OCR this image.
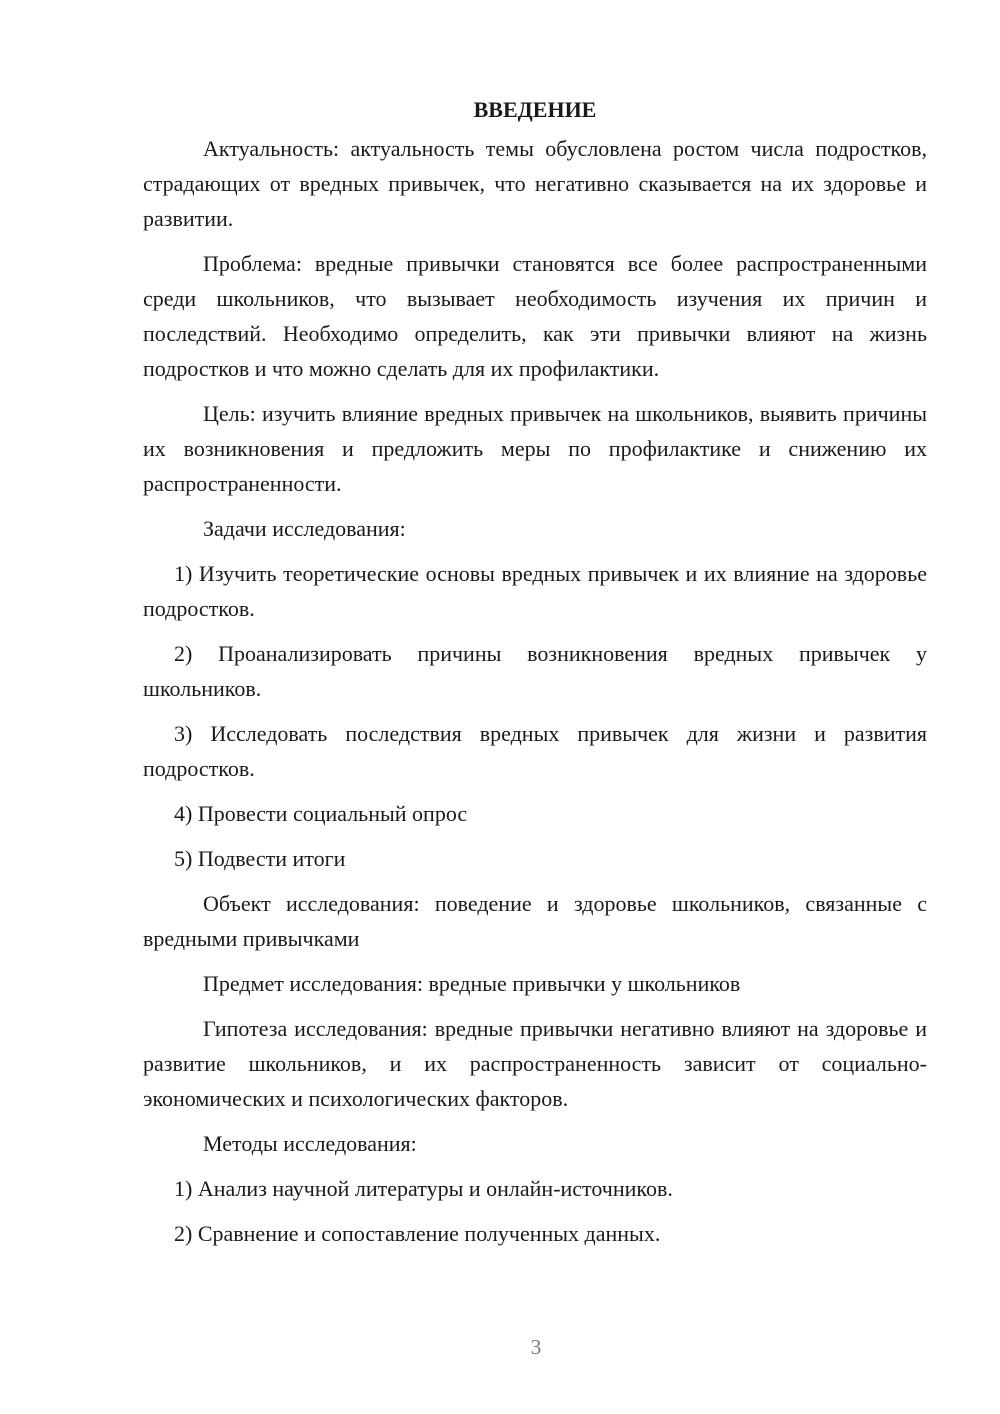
ВВЕДЕНИЕ

Актуальность: актуальность темы обусловлена ростом числа подростков, страдающих от вредных привычек, что негативно сказывается на их здоровье и развитии.

Проблема: вредные привычки становятся все более распространенными среди школьников, что вызывает необходимость изучения их причин и последствий. Необходимо определить, как эти привычки влияют на жизнь подростков и что можно сделать для их профилактики.

Цель: изучить влияние вредных привычек на школьников, выявить причины их возникновения и предложить меры по профилактике и снижению их распространенности.

Задачи исследования:

1) Изучить теоретические основы вредных привычек и их влияние на здоровье подростков.

2) Проанализировать причины возникновения вредных привычек у школьников.

3) Исследовать последствия вредных привычек для жизни и развития подростков.

4) Провести социальный опрос

5) Подвести итоги

Объект исследования: поведение и здоровье школьников, связанные с вредными привычками

Предмет исследования: вредные привычки у школьников

Гипотеза исследования: вредные привычки негативно влияют на здоровье и развитие школьников, и их распространенность зависит от социально-экономических и психологических факторов.

Методы исследования:

1) Анализ научной литературы и онлайн-источников.

2) Сравнение и сопоставление полученных данных.

3
